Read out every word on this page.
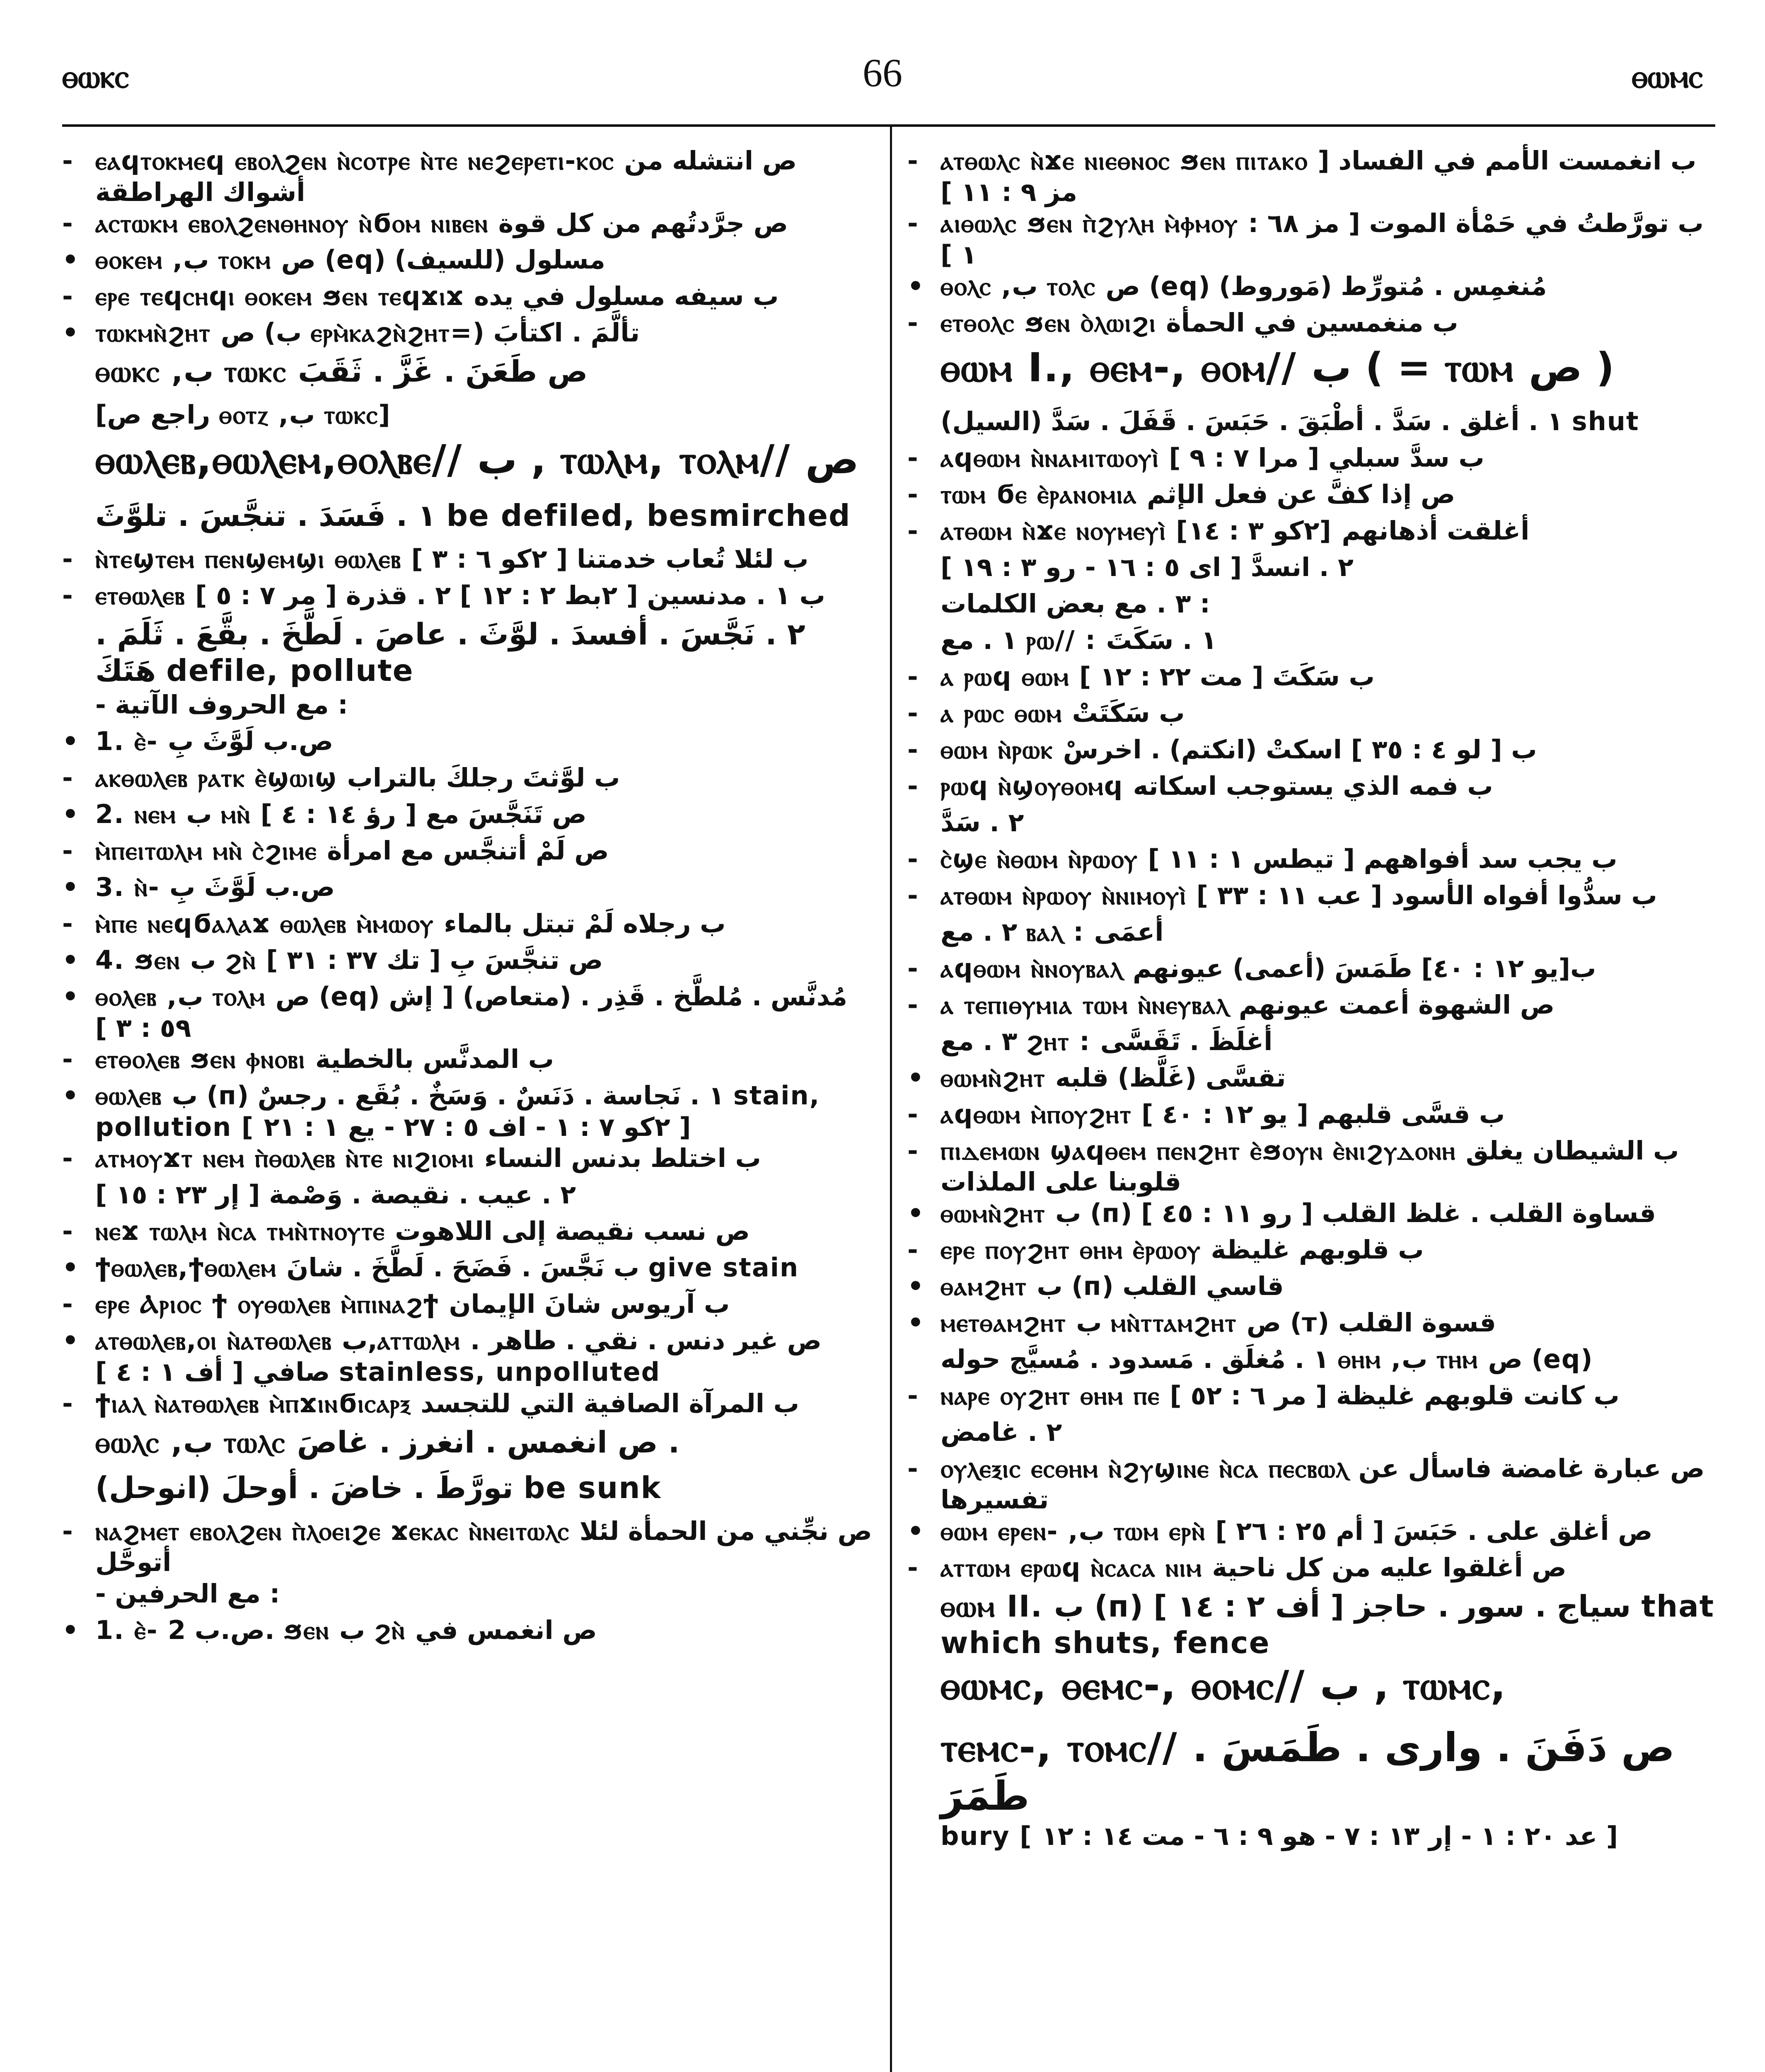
ⲑⲱⲕⲥ	66	ⲑⲱⲙⲥ
- ⲉⲁϥⲧⲟⲕⲙⲉϥ ⲉⲃⲟⲗϩⲉⲛ ⲛ̀ⲥⲟⲧⲣⲉ ⲛ̀ⲧⲉ ⲛⲉϩⲉⲣⲉⲧⲓ-ⲕⲟⲥ ص انتشله من أشواك الهراطقة
- ⲁⲥⲧⲱⲕⲙ ⲉⲃⲟⲗϩⲉⲛⲑⲏⲛⲟⲩ ⲛ̀ϭⲟⲙ ⲛⲓⲃⲉⲛ ص جرَّدتُهم من كل قوة
• ⲑⲟⲕⲉⲙ ,ب ⲧⲟⲕⲙ ص (eq) مسلول (للسيف)
- ⲉⲣⲉ ⲧⲉϥⲥⲏϥⲓ ⲑⲟⲕⲉⲙ ϧⲉⲛ ⲧⲉϥϫⲓϫ ب سيفه مسلول في يده
• ⲧⲱⲕⲙⲛ̀ϩⲏⲧ ص (ب ⲉⲣⲙ̀ⲕⲁϩⲛ̀ϩⲏⲧ=) تألَّمَ . اكتأبَ
ⲑⲱⲕⲥ ,ب ⲧⲱⲕⲥ ص طَعَنَ . غَزَّ . ثَقَبَ
[راجع ص ⲑⲟⲧⲍ ,ب ⲧⲱⲕⲥ]
ⲑⲱⲗⲉⲃ,ⲑⲱⲗⲉⲙ,ⲑⲟⲗⲃⲉ// ب , ⲧⲱⲗⲙ, ⲧⲟⲗⲙ// ص
١ . فَسَدَ . تنجَّسَ . تلوَّثَ be defiled, besmirched
- ⲛ̀ⲧⲉϣⲧⲉⲙ ⲡⲉⲛϣⲉⲙϣⲓ ⲑⲱⲗⲉⲃ ب لئلا تُعاب خدمتنا [ ٢كو ٦ : ٣ ]
- ⲉⲧⲑⲱⲗⲉⲃ ب ١ . مدنسين [ ٢بط ٢ : ١٢ ] ٢ . قذرة [ مر ٧ : ٥ ]
٢ . نَجَّسَ . أفسدَ . لوَّثَ . عاصَ . لَطَّخَ . بقَّعَ . ثَلَمَ . هَتَكَ defile, pollute
- مع الحروف الآتية :
• 1. ⲉ̀- ص.ب لَوَّثَ بِ
- ⲁⲕⲑⲱⲗⲉⲃ ⲣⲁⲧⲕ ⲉ̀ϣⲱⲓϣ ب لوَّثتَ رجلكَ بالتراب
• 2. ⲛⲉⲙ ب ⲙⲛ̀ ص تَنَجَّسَ مع [ رؤ ١٤ : ٤ ]
- ⲙ̀ⲡⲉⲓⲧⲱⲗⲙ ⲙⲛ̀ ⲥ̀ϩⲓⲙⲉ ص لَمْ أتنجَّس مع امرأة
• 3. ⲛ̀- ص.ب لَوَّثَ بِ
- ⲙ̀ⲡⲉ ⲛⲉϥϭⲁⲗⲁϫ ⲑⲱⲗⲉⲃ ⲙ̀ⲙⲱⲟⲩ ب رجلاه لَمْ تبتل بالماء
• 4. ϧⲉⲛ ب ϩⲛ̀ ص تنجَّسَ بِ [ تك ٣٧ : ٣١ ]
• ⲑⲟⲗⲉⲃ ,ب ⲧⲟⲗⲙ ص (eq) مُدنَّس . مُلطَّخ . قَذِر . (متعاص) [ إش ٥٩ : ٣ ]
- ⲉⲧⲑⲟⲗⲉⲃ ϧⲉⲛ ⲫⲛⲟⲃⲓ ب المدنَّس بالخطية
• ⲑⲱⲗⲉⲃ ب (п) ١ . نَجاسة . دَنَسٌ . وَسَخٌ . بُقَع . رجسٌ stain, pollution [ ٢كو ٧ : ١ - اف ٥ : ٢٧ - يع ١ : ٢١ ]
- ⲁⲧⲙⲟⲩϫⲧ ⲛⲉⲙ ⲡ̀ⲑⲱⲗⲉⲃ ⲛ̀ⲧⲉ ⲛⲓϩⲓⲟⲙⲓ ب اختلط بدنس النساء
٢ . عيب . نقيصة . وَصْمة [ إر ٢٣ : ١٥ ]
- ⲛⲉϫ ⲧⲱⲗⲙ ⲛ̀ⲥⲁ ⲧⲙⲛ̀ⲧⲛⲟⲩⲧⲉ ص نسب نقيصة إلى اللاهوت
• ϯⲑⲱⲗⲉⲃ,ϯⲑⲱⲗⲉⲙ ب نَجَّسَ . فَضَحَ . لَطَّخَ . شانَ give stain
- ⲉⲣⲉ Ⲁⲣⲓⲟⲥ ϯ ⲟⲩⲑⲱⲗⲉⲃ ⲙ̀ⲡⲓⲛⲁϩϯ ب آريوس شانَ الإيمان
• ⲁⲧⲑⲱⲗⲉⲃ,ⲟⲓ ⲛ̀ⲁⲧⲑⲱⲗⲉⲃ ب,ⲁⲧⲧⲱⲗⲙ ص غير دنس . نقي . طاهر . صافي [ أف ١ : ٤ ] stainless, unpolluted
- ϯⲓⲁⲗ ⲛ̀ⲁⲧⲑⲱⲗⲉⲃ ⲙ̀ⲡϫⲓⲛϭⲓⲥⲁⲣⲝ ب المرآة الصافية التي للتجسد
ⲑⲱⲗⲥ ,ب ⲧⲱⲗⲥ ص انغمس . انغرز . غاصَ .
تورَّطَ . خاضَ . أوحلَ (انوحل) be sunk
- ⲛⲁϩⲙⲉⲧ ⲉⲃⲟⲗϩⲉⲛ ⲡ̀ⲗⲟⲉⲓϩⲉ ϫⲉⲕⲁⲥ ⲛ̀ⲛⲉⲓⲧⲱⲗⲥ ص نجِّني من الحمأة لئلا أتوحَّل
- مع الحرفين :
• 1. ⲉ̀- ص.ب 2. ϧⲉⲛ ب ϩⲛ̀ ص انغمس في
- ⲁⲧⲑⲱⲗⲥ ⲛ̀ϫⲉ ⲛⲓⲉⲑⲛⲟⲥ ϧⲉⲛ ⲡⲓⲧⲁⲕⲟ ب انغمست الأمم في الفساد [ مز ٩ : ١١ ]
- ⲁⲓⲑⲱⲗⲥ ϧⲉⲛ ⲡ̀ϩⲩⲗⲏ ⲙ̀ⲫⲙⲟⲩ ب تورَّطتُ في حَمْأة الموت [ مز ٦٨ : ١ ]
• ⲑⲟⲗⲥ ,ب ⲧⲟⲗⲥ ص (eq) مُنغمِس . مُتورِّط (مَوروط)
- ⲉⲧⲑⲟⲗⲥ ϧⲉⲛ ⲟ̀ⲗⲱⲓϩⲓ ب منغمسين في الحمأة
ⲑⲱⲙ I., ⲑⲉⲙ-, ⲑⲟⲙ// ب ( = ⲧⲱⲙ ص )
١ . أغلق . سَدَّ . أطْبَقَ . حَبَسَ . قَفَلَ . سَدَّ (السيل) shut
- ⲁϥⲑⲱⲙ ⲛ̀ⲛⲁⲙⲓⲧⲱⲟⲩⲓ̀ ب سدَّ سبلي [ مرا ٧ : ٩ ]
- ⲧⲱⲙ ϭⲉ ⲉ̀ⲣⲁⲛⲟⲙⲓⲁ ص إذا كفَّ عن فعل الإثم
- ⲁⲧⲑⲱⲙ ⲛ̀ϫⲉ ⲛⲟⲩⲙⲉⲩⲓ̀ [٢كو ٣ : ١٤] أغلقت أذهانهم
٢ . انسدَّ [ اى ٥ : ١٦ - رو ٣ : ١٩ ]
٣ . مع بعض الكلمات :
١ . مع ⲣⲱ// : ١ . سَكَتَ
- ⲁ ⲣⲱϥ ⲑⲱⲙ ب سَكَتَ [ مت ٢٢ : ١٢ ]
- ⲁ ⲣⲱⲥ ⲑⲱⲙ ب سَكَتَتْ
- ⲑⲱⲙ ⲛ̀ⲣⲱⲕ ب [ لو ٤ : ٣٥ ] اسكتْ (انكتم) . اخرسْ
- ⲣⲱϥ ⲛ̀ϣⲟⲩⲑⲟⲙϥ ب فمه الذي يستوجب اسكاته
٢ . سَدَّ
- ⲥ̀ϣⲉ ⲛ̀ⲑⲱⲙ ⲛ̀ⲣⲱⲟⲩ ب يجب سد أفواههم [ تيطس ١ : ١١ ]
- ⲁⲧⲑⲱⲙ ⲛ̀ⲣⲱⲟⲩ ⲛ̀ⲛⲓⲙⲟⲩⲓ̀ ب سدُّوا أفواه الأسود [ عب ١١ : ٣٣ ]
٢ . مع ⲃⲁⲗ : أعمَى
- ⲁϥⲑⲱⲙ ⲛ̀ⲛⲟⲩⲃⲁⲗ ب[يو ١٢ : ٤٠] طَمَسَ (أعمى) عيونهم
- ⲁ ⲧⲉⲡⲓⲑⲩⲙⲓⲁ ⲧⲱⲙ ⲛ̀ⲛⲉⲩⲃⲁⲗ ص الشهوة أعمت عيونهم
٣ . مع ϩⲏⲧ : أغلَظَ . تَقَسَّى
• ⲑⲱⲙⲛ̀ϩⲏⲧ تقسَّى (غَلَّظ) قلبه
- ⲁϥⲑⲱⲙ ⲙ̀ⲡⲟⲩϩⲏⲧ ب قسَّى قلبهم [ يو ١٢ : ٤٠ ]
- ⲡⲓⲇⲉⲙⲱⲛ ϣⲁϥⲑⲉⲙ ⲡⲉⲛϩⲏⲧ ⲉ̀ϧⲟⲩⲛ ⲉ̀ⲛⲓϩⲩⲇⲟⲛⲏ ب الشيطان يغلق قلوبنا على الملذات
• ⲑⲱⲙⲛ̀ϩⲏⲧ ب (п) قساوة القلب . غلظ القلب [ رو ١١ : ٤٥ ]
- ⲉⲣⲉ ⲡⲟⲩϩⲏⲧ ⲑⲏⲙ ⲉ̀ⲣⲱⲟⲩ ب قلوبهم غليظة
• ⲑⲁⲙϩⲏⲧ ب (п) قاسي القلب
• ⲙⲉⲧⲑⲁⲙϩⲏⲧ ب ⲙⲛ̀ⲧⲧⲁⲙϩⲏⲧ ص (т) قسوة القلب
١ . مُغلَق . مَسدود . مُسيَّج حوله ⲑⲏⲙ ,ب ⲧⲏⲙ ص (eq)
- ⲛⲁⲣⲉ ⲟⲩϩⲏⲧ ⲑⲏⲙ ⲡⲉ ب كانت قلوبهم غليظة [ مر ٦ : ٥٢ ]
٢ . غامض
- ⲟⲩⲗⲉⲝⲓⲥ ⲉⲥⲑⲏⲙ ⲛ̀ϩⲩϣⲓⲛⲉ ⲛ̀ⲥⲁ ⲡⲉⲥⲃⲱⲗ ص عبارة غامضة فاسأل عن تفسيرها
• ⲑⲱⲙ ⲉⲣⲉⲛ- ,ب ⲧⲱⲙ ⲉⲣⲛ̀ ص أغلق على . حَبَسَ [ أم ٢٥ : ٢٦ ]
- ⲁⲧⲧⲱⲙ ⲉⲣⲱϥ ⲛ̀ⲥⲁⲥⲁ ⲛⲓⲙ ص أغلقوا عليه من كل ناحية
ⲑⲱⲙ II. ب (п) سياج . سور . حاجز [ أف ٢ : ١٤ ] that which shuts, fence
ⲑⲱⲙⲥ, ⲑⲉⲙⲥ-, ⲑⲟⲙⲥ// ب , ⲧⲱⲙⲥ,
ⲧⲉⲙⲥ-, ⲧⲟⲙⲥ// ص دَفَنَ . وارى . طَمَسَ . طَمَرَ
bury [ عد ٢٠ : ١ - إر ١٣ : ٧ - هو ٩ : ٦ - مت ١٤ : ١٢ ]
